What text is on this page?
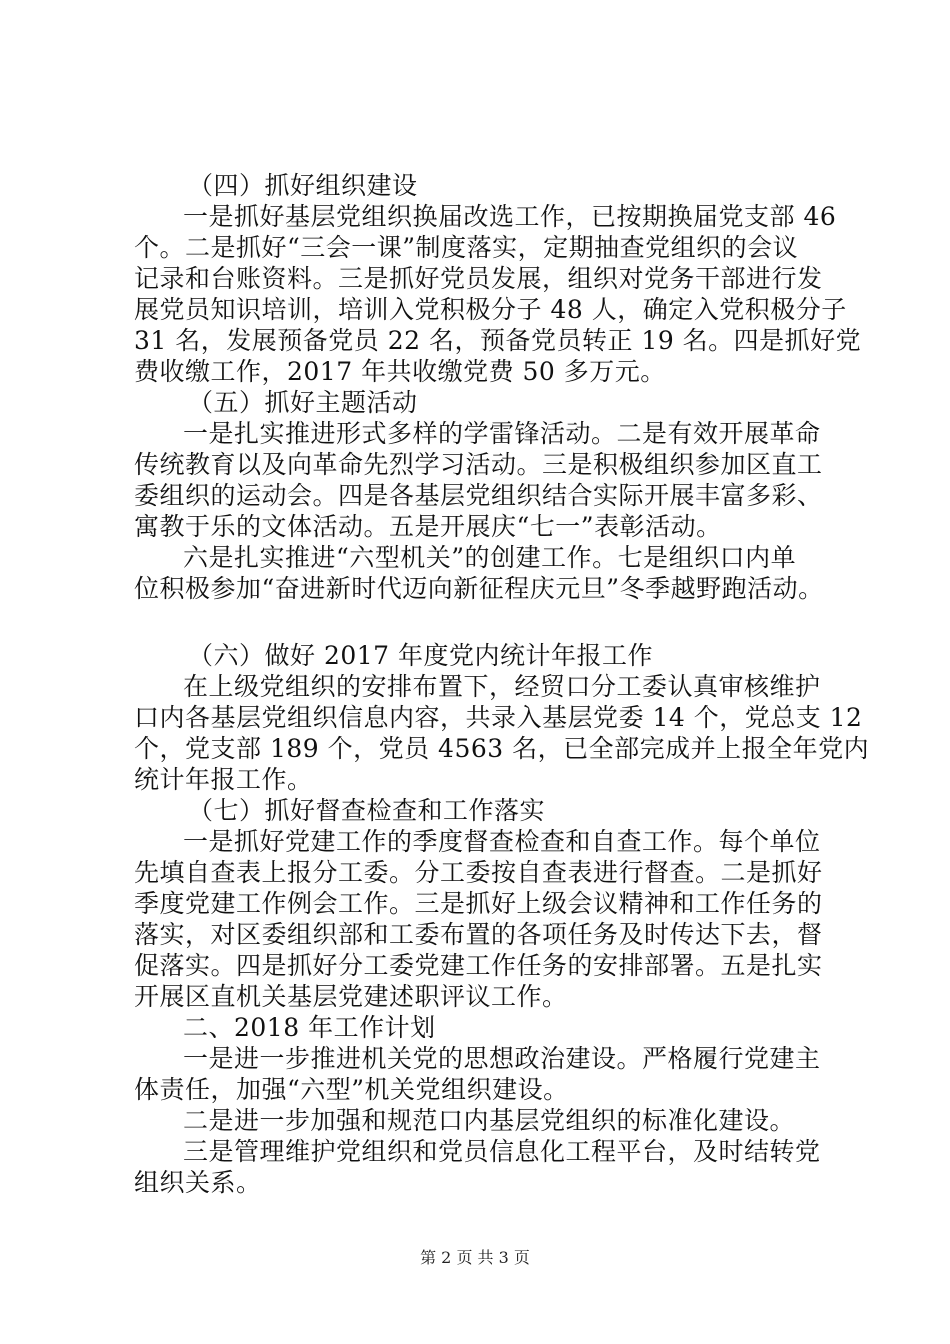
（四）抓好组织建设
一是抓好基层党组织换届改选工作，已按期换届党支部 46
个。二是抓好“三会一课”制度落实，定期抽查党组织的会议
记录和台账资料。三是抓好党员发展，组织对党务干部进行发
展党员知识培训，培训入党积极分子 48 人，确定入党积极分子
31 名，发展预备党员 22 名，预备党员转正 19 名。四是抓好党
费收缴工作，2017 年共收缴党费 50 多万元。
（五）抓好主题活动
一是扎实推进形式多样的学雷锋活动。二是有效开展革命
传统教育以及向革命先烈学习活动。三是积极组织参加区直工
委组织的运动会。四是各基层党组织结合实际开展丰富多彩、
寓教于乐的文体活动。五是开展庆“七一”表彰活动。
六是扎实推进“六型机关”的创建工作。七是组织口内单
位积极参加“奋进新时代迈向新征程庆元旦”冬季越野跑活动。
（六）做好 2017 年度党内统计年报工作
在上级党组织的安排布置下，经贸口分工委认真审核维护
口内各基层党组织信息内容，共录入基层党委 14 个，党总支 12
个，党支部 189 个，党员 4563 名，已全部完成并上报全年党内
统计年报工作。
（七）抓好督查检查和工作落实
一是抓好党建工作的季度督查检查和自查工作。每个单位
先填自查表上报分工委。分工委按自查表进行督查。二是抓好
季度党建工作例会工作。三是抓好上级会议精神和工作任务的
落实，对区委组织部和工委布置的各项任务及时传达下去，督
促落实。四是抓好分工委党建工作任务的安排部署。五是扎实
开展区直机关基层党建述职评议工作。
二、2018 年工作计划
一是进一步推进机关党的思想政治建设。严格履行党建主
体责任，加强“六型”机关党组织建设。
二是进一步加强和规范口内基层党组织的标准化建设。
三是管理维护党组织和党员信息化工程平台，及时结转党
组织关系。
第 2 页 共 3 页
